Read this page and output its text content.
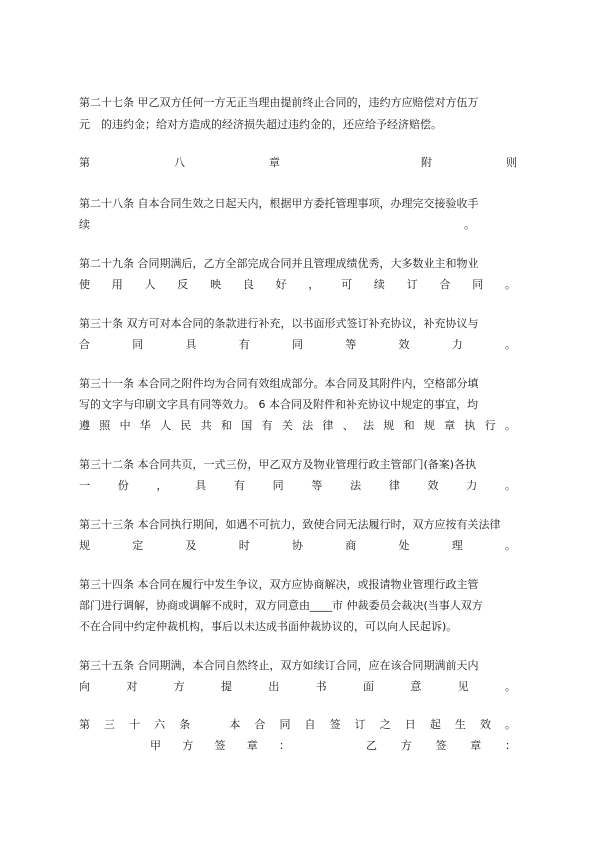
第二十七条 甲乙双方任何一方无正当理由提前终止合同的，违约方应赔偿对方伍万
元　的违约金；给对方造成的经济损失超过违约金的，还应给予经济赔偿。
第	八	章	附	则
第二十八条 自本合同生效之日起天内，根据甲方委托管理事项，办理完交接验收手
续　　　　　　　　　　　　　　　　　　　　　　　　　　　　　　　　　　。
第二十九条 合同期满后，乙方全部完成合同并且管理成绩优秀，大多数业主和物业
使用人反映良好，可续订合同。
第三十条 双方可对本合同的条款进行补充，以书面形式签订补充协议，补充协议与
合同具有同等效力。
第三十一条 本合同之附件均为合同有效组成部分。本合同及其附件内，空格部分填
写的文字与印刷文字具有同等效力。 6 本合同及附件和补充协议中规定的事宜，均
遵照中华人民共和国有关法律、法规和规章执行。
第三十二条 本合同共页，一式三份，甲乙双方及物业管理行政主管部门(备案)各执
一份，具有同等法律效力。
第三十三条 本合同执行期间，如遇不可抗力，致使合同无法履行时，双方应按有关法律
规定及时协商处理。
第三十四条 本合同在履行中发生争议，双方应协商解决，或报请物业管理行政主管
部门进行调解，协商或调解不成时，双方同意由____市 仲裁委员会裁决(当事人双方
不在合同中约定仲裁机构，事后以未达成书面仲裁协议的，可以向人民起诉)。
第三十五条 合同期满，本合同自然终止，双方如续订合同，应在该合同期满前天内
向对方提出书面意见。
第三十六条　本合同自签订之日起生效。
甲方签章：	乙方签章：
